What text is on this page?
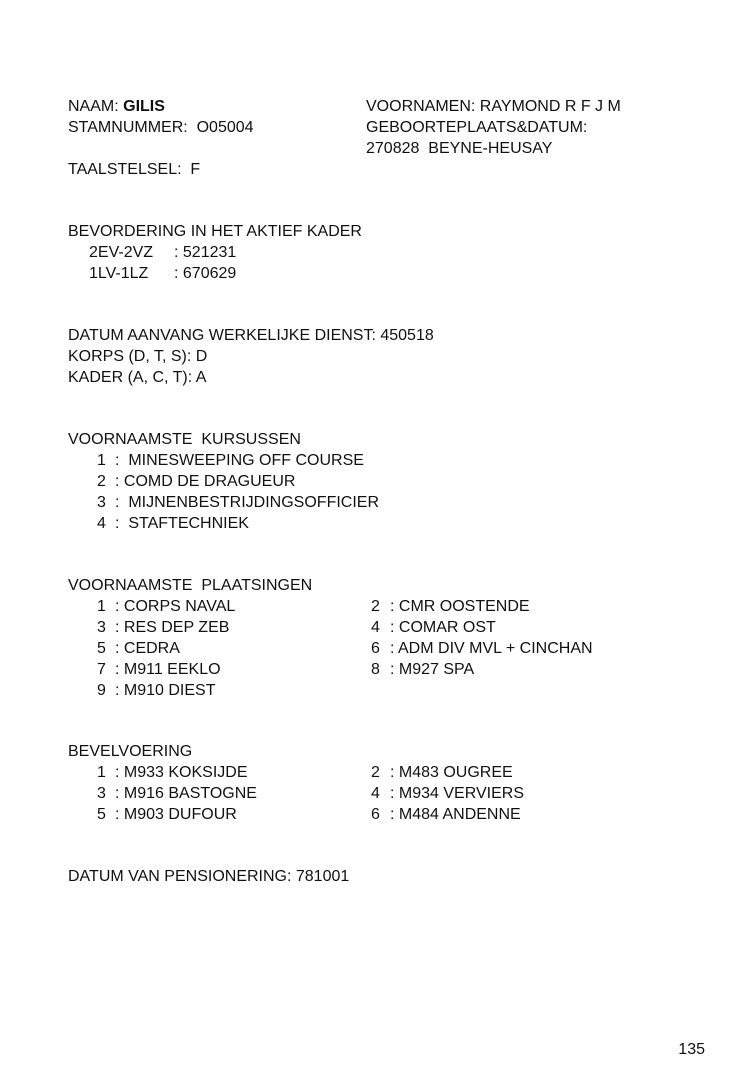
NAAM: GILIS
STAMNUMMER: O05004
TAALSTELSEL: F
VOORNAMEN: RAYMOND R F J M
GEBOORTEPLAATS&DATUM:
270828  BEYNE-HEUSAY
BEVORDERING IN HET AKTIEF KADER
2EV-2VZ : 521231
1LV-1LZ : 670629
DATUM AANVANG WERKELIJKE DIENST: 450518
KORPS (D, T, S): D
KADER (A, C, T): A
VOORNAAMSTE  KURSUSSEN
1 :  MINESWEEPING OFF COURSE
2 : COMD DE DRAGUEUR
3 :  MIJNENBESTRIJDINGSOFFICIER
4 :  STAFTECHNIEK
VOORNAAMSTE  PLAATSINGEN
1 : CORPS NAVAL
3 : RES DEP ZEB
5 : CEDRA
7 : M911 EEKLO
9 : M910 DIEST
2 : CMR OOSTENDE
4 : COMAR OST
6 : ADM DIV MVL + CINCHAN
8 : M927 SPA
BEVELVOERING
1 : M933 KOKSIJDE
3 : M916 BASTOGNE
5 : M903 DUFOUR
2 : M483 OUGREE
4 : M934 VERVIERS
6 : M484 ANDENNE
DATUM VAN PENSIONERING: 781001
135
